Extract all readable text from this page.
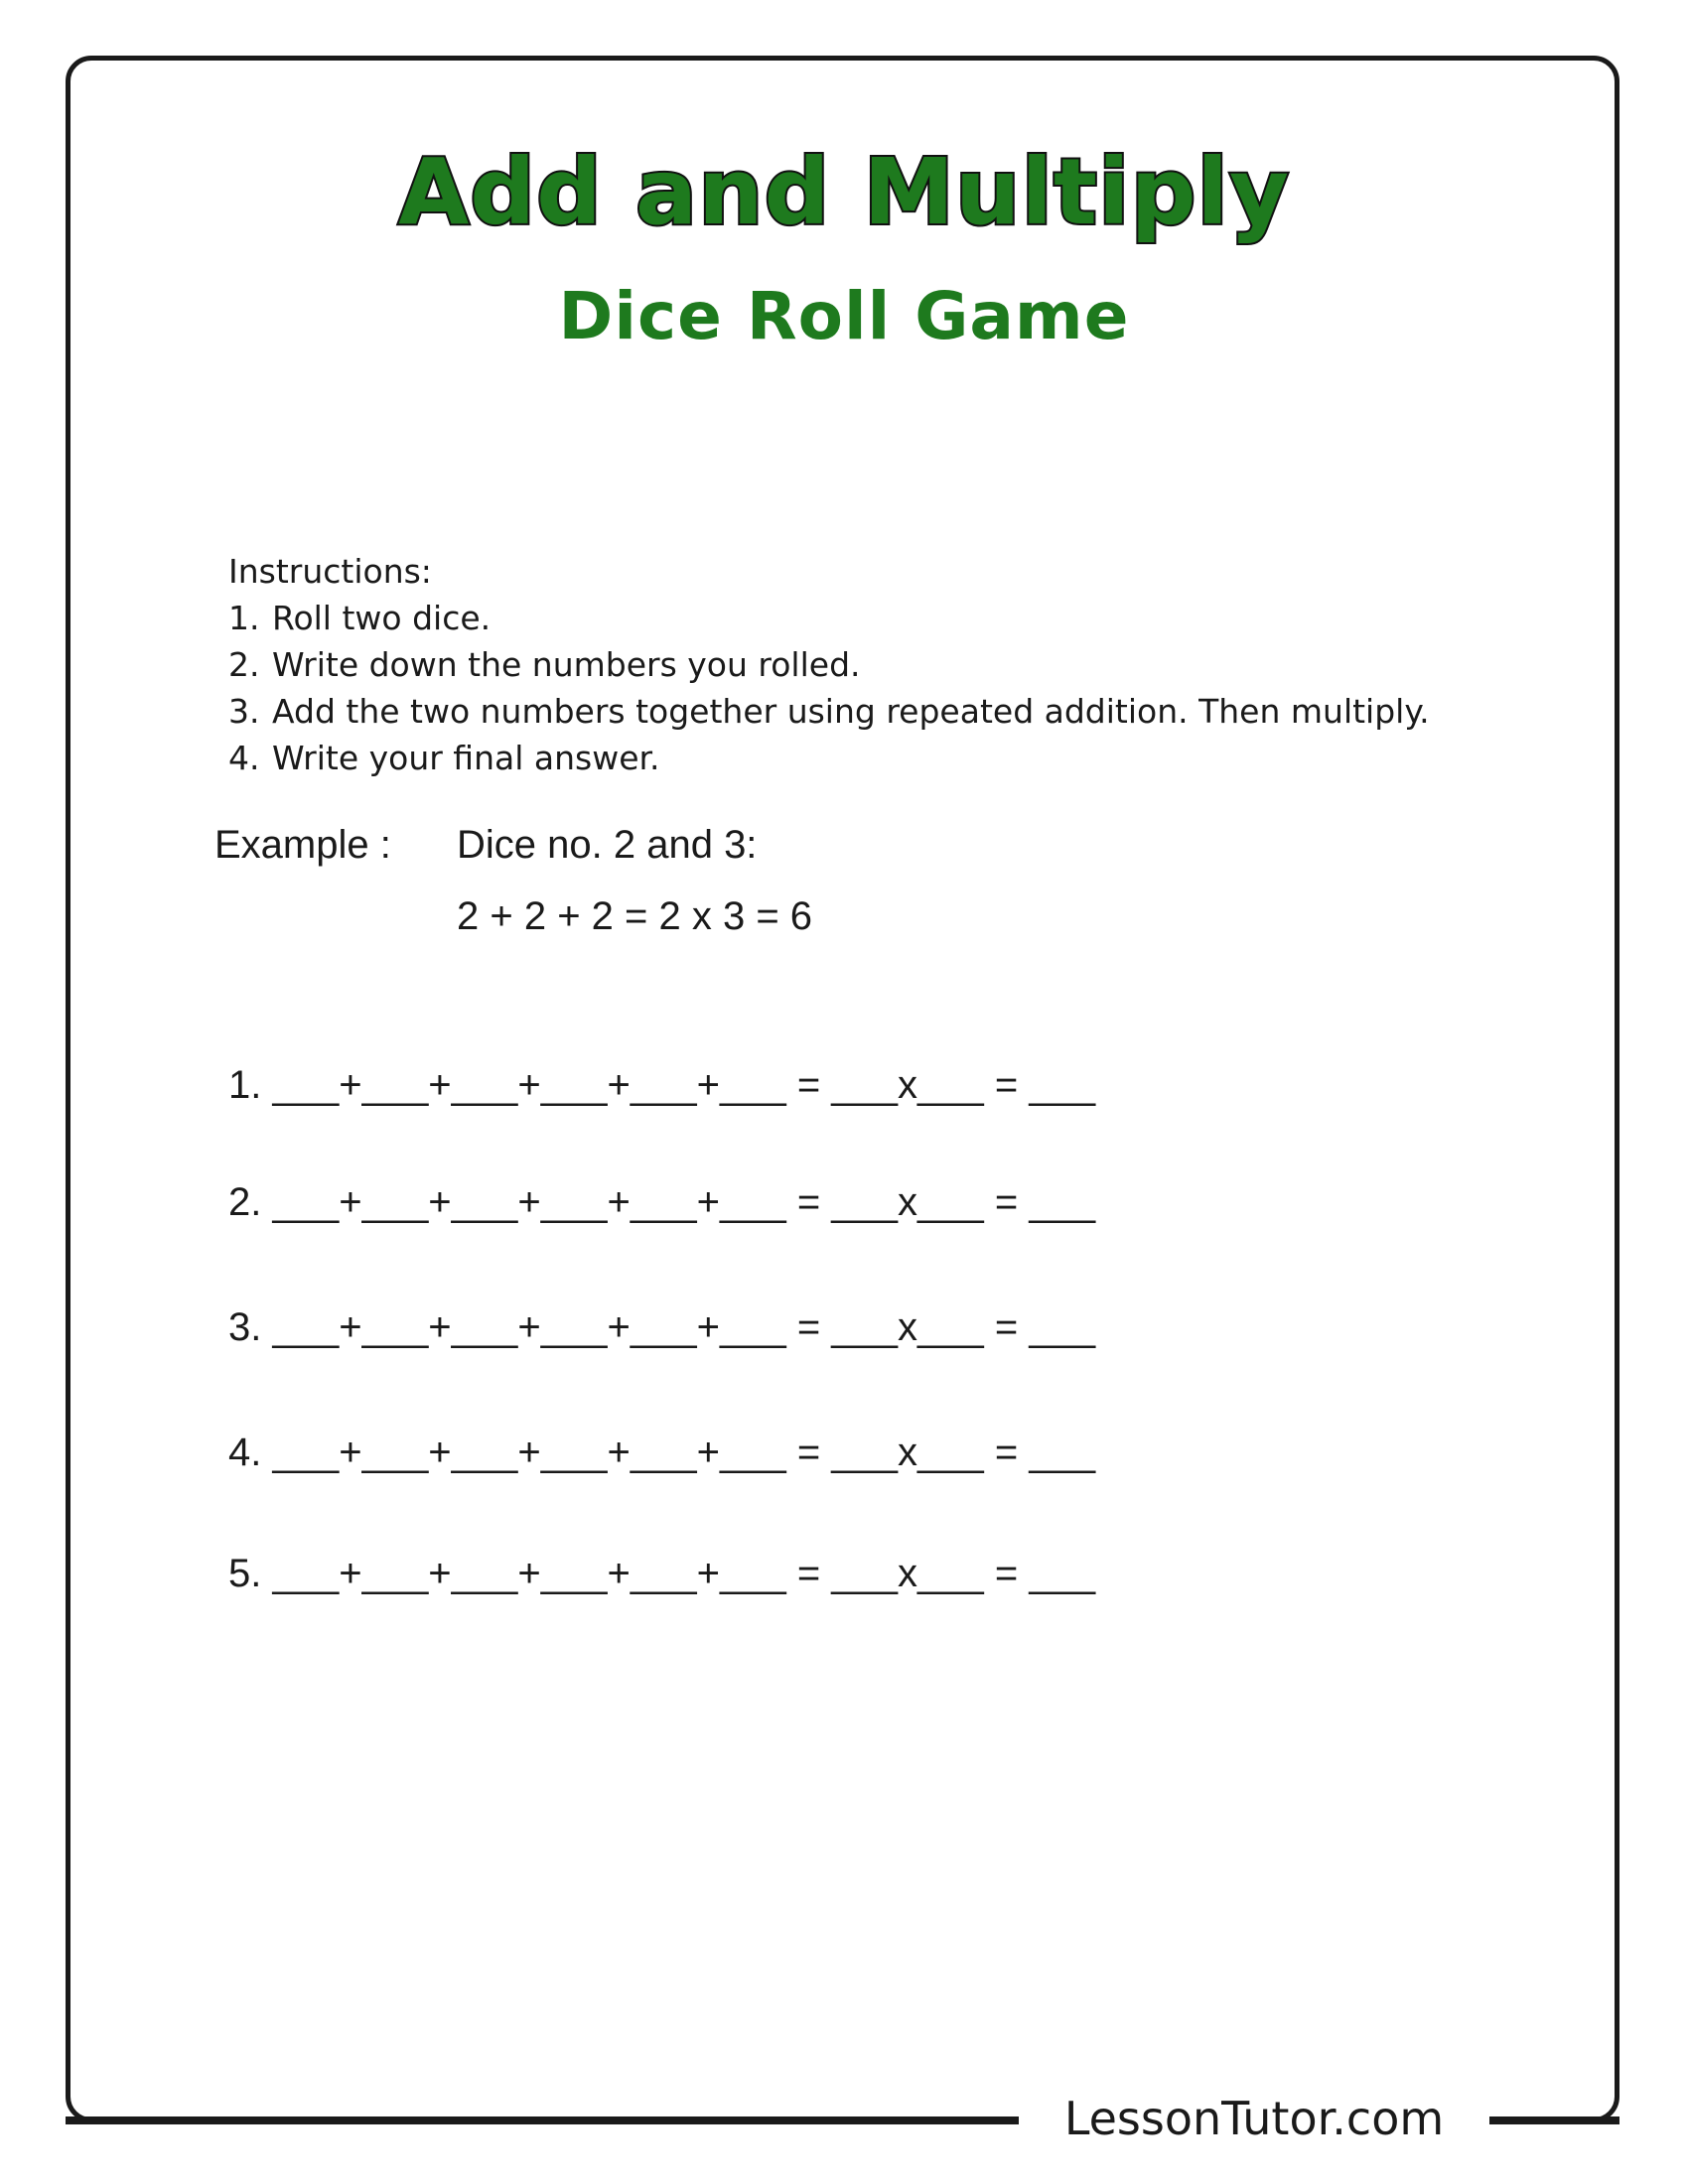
Add and Multiply
Dice Roll Game
Instructions:
1. Roll two dice.
2. Write down the numbers you rolled.
3. Add the two numbers together using repeated addition. Then multiply.
4. Write your final answer.
Example : Dice no. 2 and 3:
2 + 2 + 2 = 2 x 3 = 6
1. ___+___+___+___+___+___ = ___x___ = ___
2. ___+___+___+___+___+___ = ___x___ = ___
3. ___+___+___+___+___+___ = ___x___ = ___
4. ___+___+___+___+___+___ = ___x___ = ___
5. ___+___+___+___+___+___ = ___x___ = ___
LessonTutor.com
